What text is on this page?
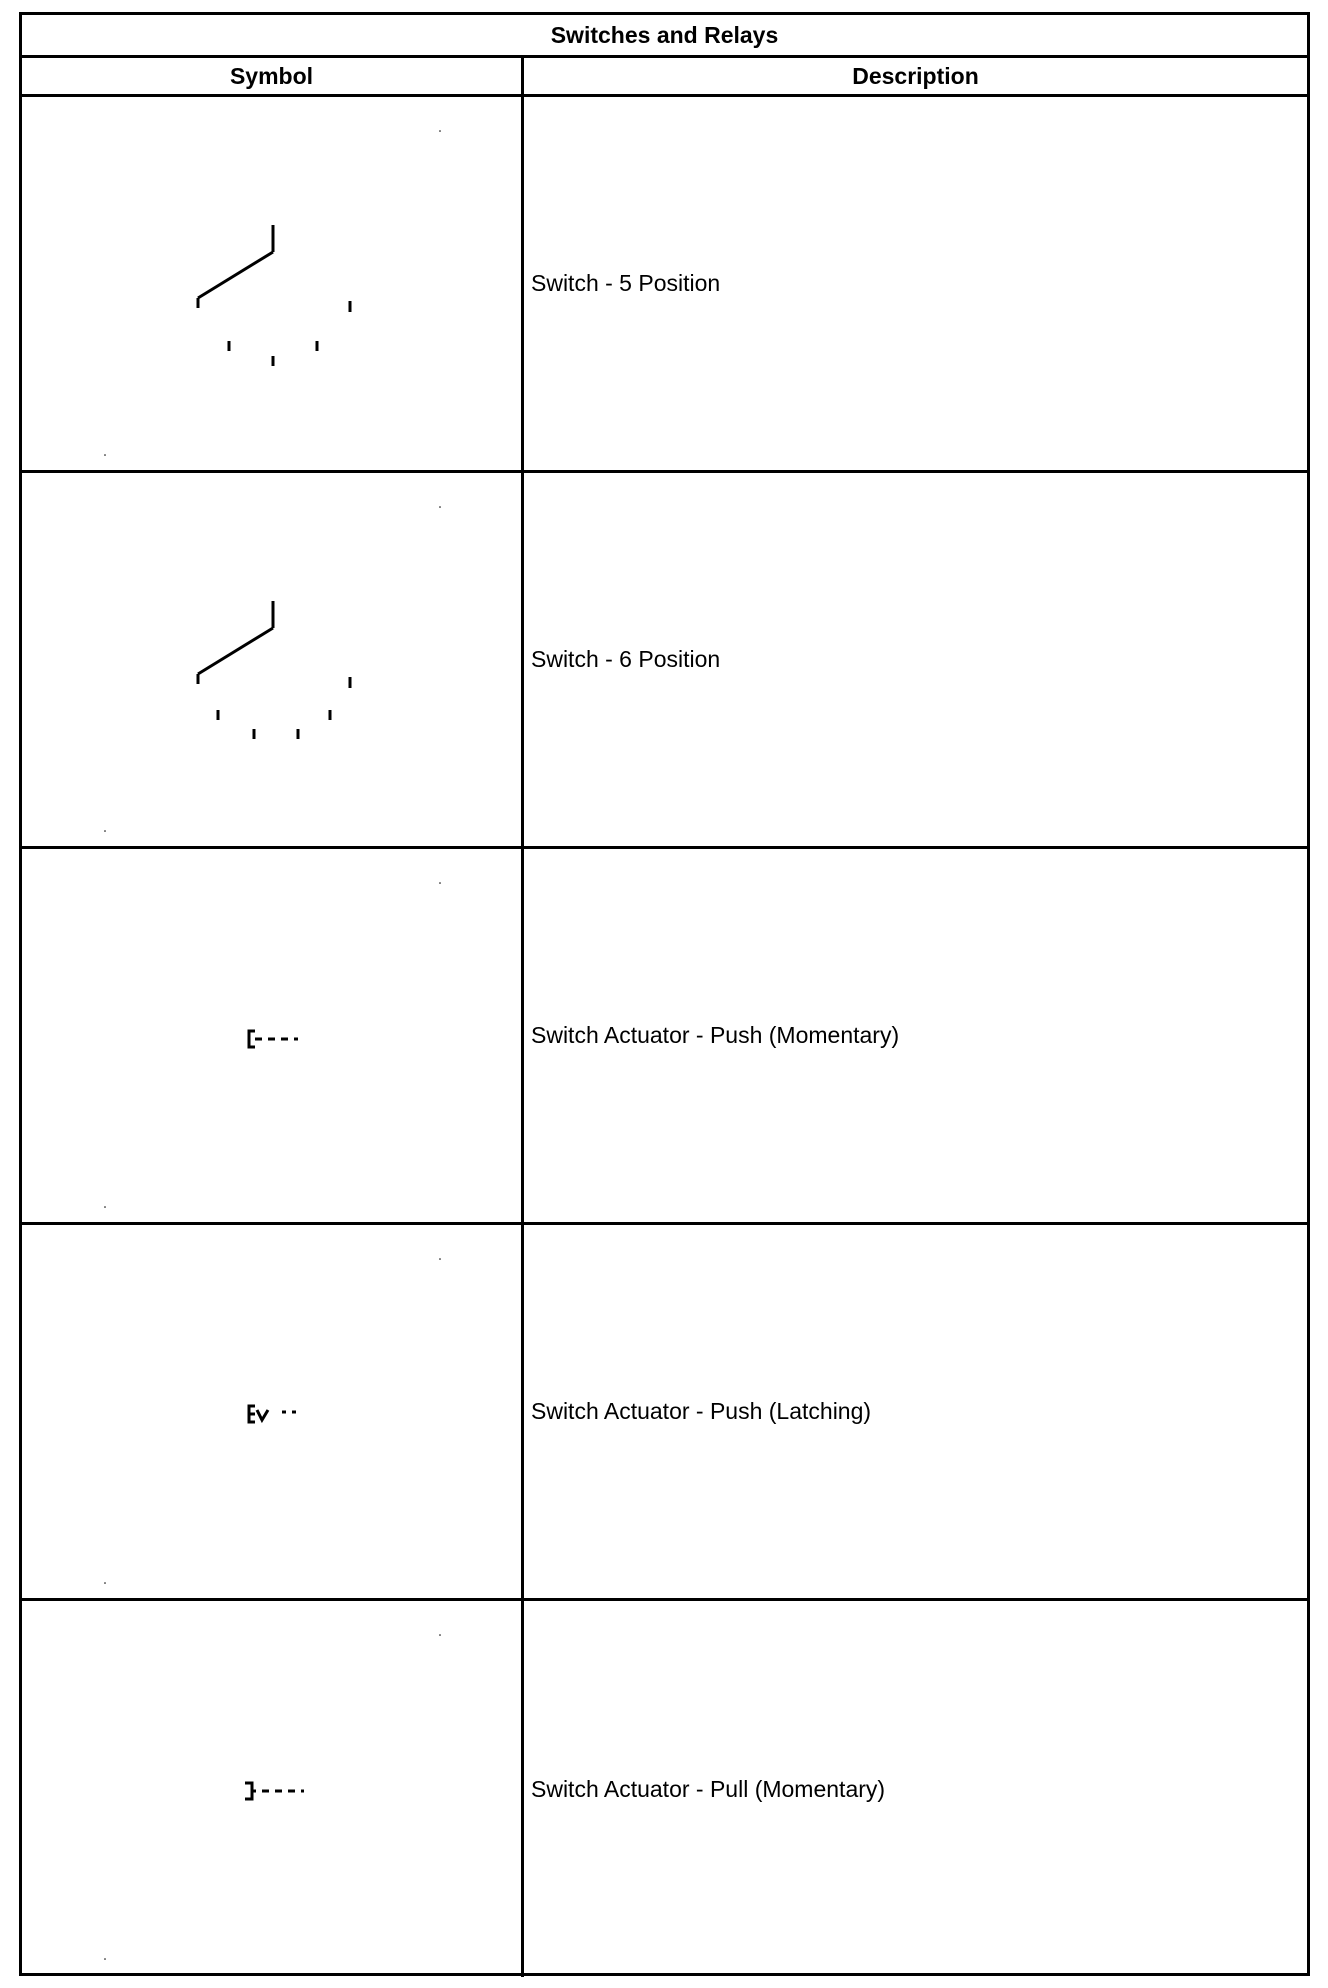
Switches and Relays
Symbol	Description
Switch - 5 Position
Switch - 6 Position
Switch Actuator - Push (Momentary)
Switch Actuator - Push (Latching)
Switch Actuator - Pull (Momentary)
